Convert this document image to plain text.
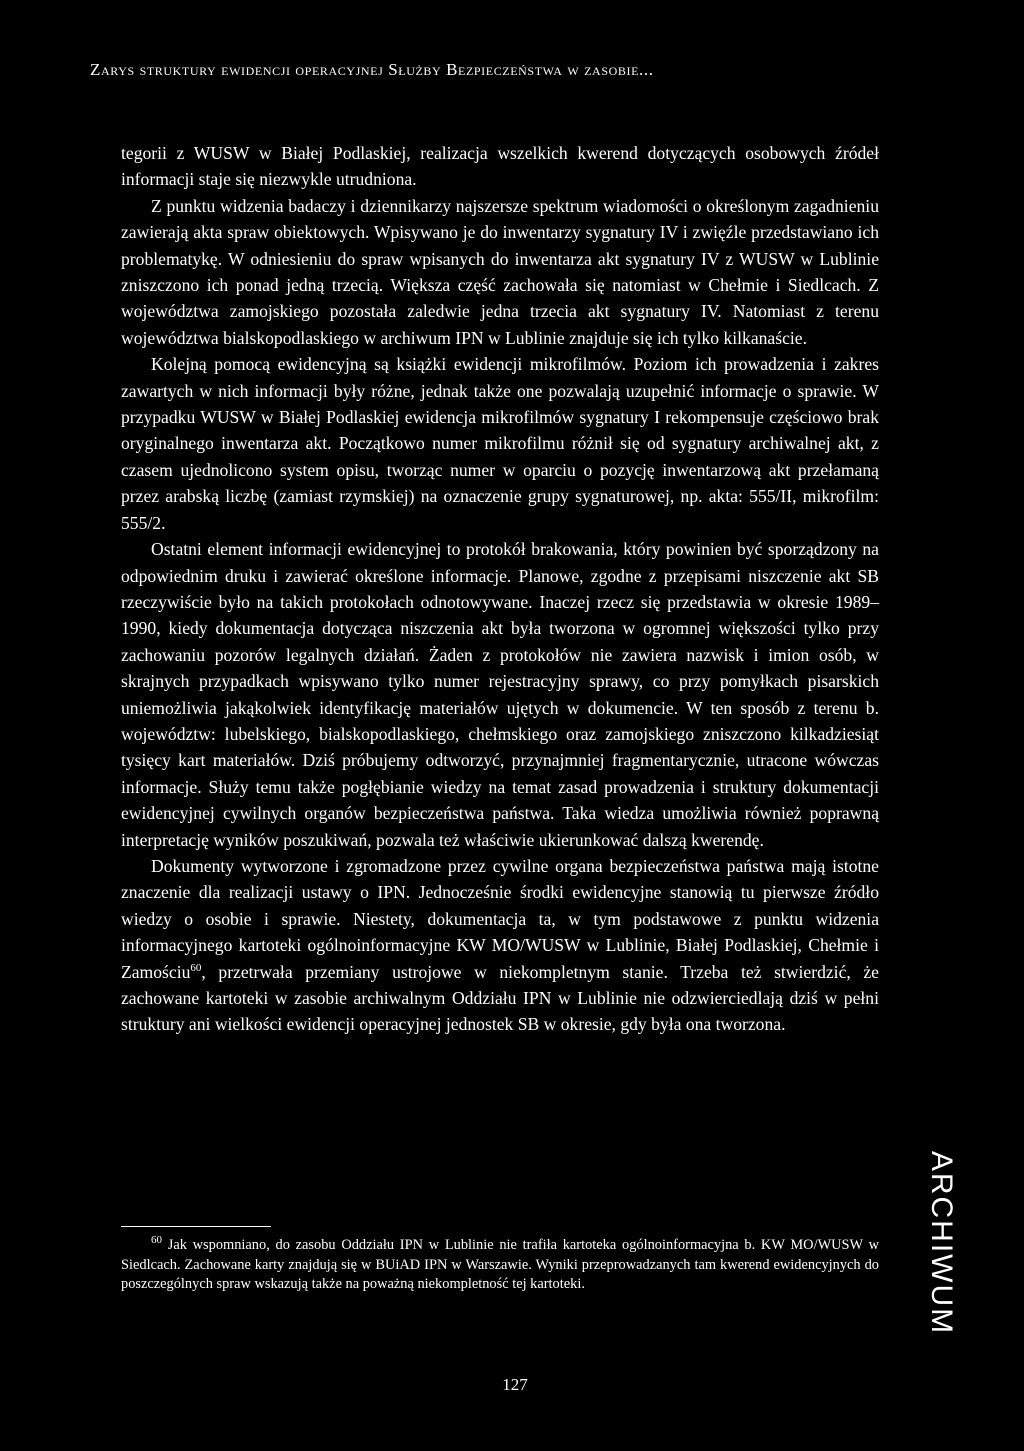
Zarys struktury ewidencji operacyjnej Służby Bezpieczeństwa w zasobie...

tegorii z WUSW w Białej Podlaskiej, realizacja wszelkich kwerend dotyczących osobowych źródeł informacji staje się niezwykle utrudniona.

Z punktu widzenia badaczy i dziennikarzy najszersze spektrum wiadomości o określonym zagadnieniu zawierają akta spraw obiektowych. Wpisywano je do inwentarzy sygnatury IV i zwięźle przedstawiano ich problematykę. W odniesieniu do spraw wpisanych do inwentarza akt sygnatury IV z WUSW w Lublinie zniszczono ich ponad jedną trzecią. Większa część zachowała się natomiast w Chełmie i Siedlcach. Z województwa zamojskiego pozostała zaledwie jedna trzecia akt sygnatury IV. Natomiast z terenu województwa bialskopodlaskiego w archiwum IPN w Lublinie znajduje się ich tylko kilkanaście.

Kolejną pomocą ewidencyjną są książki ewidencji mikrofilmów. Poziom ich prowadzenia i zakres zawartych w nich informacji były różne, jednak także one pozwalają uzupełnić informacje o sprawie. W przypadku WUSW w Białej Podlaskiej ewidencja mikrofilmów sygnatury I rekompensuje częściowo brak oryginalnego inwentarza akt. Początkowo numer mikrofilmu różnił się od sygnatury archiwalnej akt, z czasem ujednolicono system opisu, tworząc numer w oparciu o pozycję inwentarzową akt przełamaną przez arabską liczbę (zamiast rzymskiej) na oznaczenie grupy sygnaturowej, np. akta: 555/II, mikrofilm: 555/2.

Ostatni element informacji ewidencyjnej to protokół brakowania, który powinien być sporządzony na odpowiednim druku i zawierać określone informacje. Planowe, zgodne z przepisami niszczenie akt SB rzeczywiście było na takich protokołach odnotowywane. Inaczej rzecz się przedstawia w okresie 1989–1990, kiedy dokumentacja dotycząca niszczenia akt była tworzona w ogromnej większości tylko przy zachowaniu pozorów legalnych działań. Żaden z protokołów nie zawiera nazwisk i imion osób, w skrajnych przypadkach wpisywano tylko numer rejestracyjny sprawy, co przy pomyłkach pisarskich uniemożliwia jakąkolwiek identyfikację materiałów ujętych w dokumencie. W ten sposób z terenu b. województw: lubelskiego, bialskopodlaskiego, chełmskiego oraz zamojskiego zniszczono kilkadziesiąt tysięcy kart materiałów. Dziś próbujemy odtworzyć, przynajmniej fragmentarycznie, utracone wówczas informacje. Służy temu także pogłębianie wiedzy na temat zasad prowadzenia i struktury dokumentacji ewidencyjnej cywilnych organów bezpieczeństwa państwa. Taka wiedza umożliwia również poprawną interpretację wyników poszukiwań, pozwala też właściwie ukierunkować dalszą kwerendę.

Dokumenty wytworzone i zgromadzone przez cywilne organa bezpieczeństwa państwa mają istotne znaczenie dla realizacji ustawy o IPN. Jednocześnie środki ewidencyjne stanowią tu pierwsze źródło wiedzy o osobie i sprawie. Niestety, dokumentacja ta, w tym podstawowe z punktu widzenia informacyjnego kartoteki ogólnoinformacyjne KW MO/WUSW w Lublinie, Białej Podlaskiej, Chełmie i Zamościu$^{60}$, przetrwała przemiany ustrojowe w niekompletnym stanie. Trzeba też stwierdzić, że zachowane kartoteki w zasobie archiwalnym Oddziału IPN w Lublinie nie odzwierciedlają dziś w pełni struktury ani wielkości ewidencji operacyjnej jednostek SB w okresie, gdy była ona tworzona.

$^{60}$ Jak wspomniano, do zasobu Oddziału IPN w Lublinie nie trafiła kartoteka ogólnoinformacyjna b. KW MO/WUSW w Siedlcach. Zachowane karty znajdują się w BUiAD IPN w Warszawie. Wyniki przeprowadzanych tam kwerend ewidencyjnych do poszczególnych spraw wskazują także na poważną niekompletność tej kartoteki.
127
ARCHIWUM
